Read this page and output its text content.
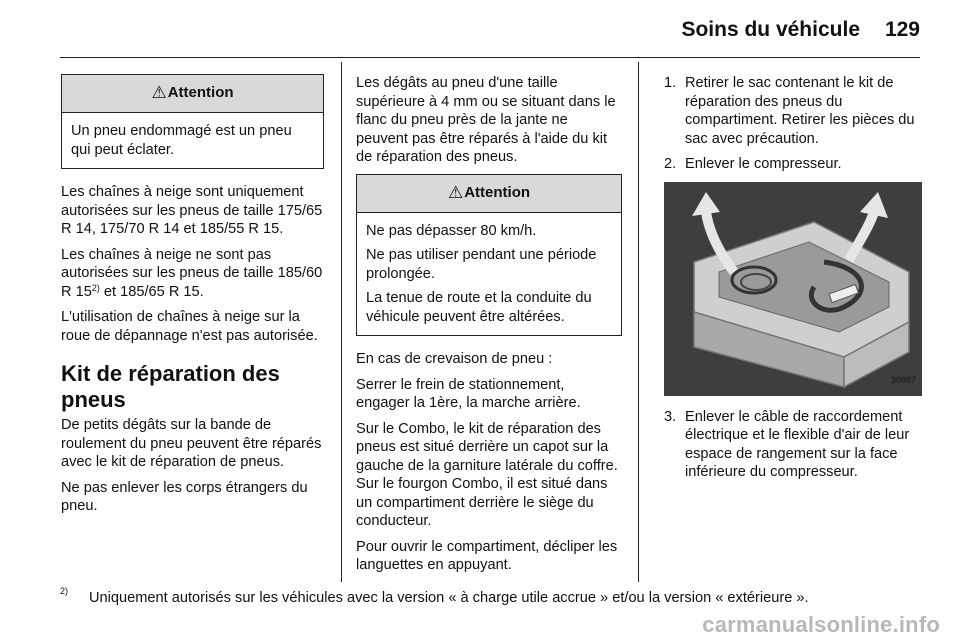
Soins du véhicule 129
⚠ Attention

Un pneu endommagé est un pneu qui peut éclater.

Les chaînes à neige sont uniquement autorisées sur les pneus de taille 175/65 R 14, 175/70 R 14 et 185/55 R 15.

Les chaînes à neige ne sont pas autorisées sur les pneus de taille 185/60 R 15$^{2)}$ et 185/65 R 15.

L'utilisation de chaînes à neige sur la roue de dépannage n'est pas autorisée.

Kit de réparation des pneus

De petits dégâts sur la bande de roulement du pneu peuvent être réparés avec le kit de réparation de pneus.

Ne pas enlever les corps étrangers du pneu.

Les dégâts au pneu d'une taille supérieure à 4 mm ou se situant dans le flanc du pneu près de la jante ne peuvent pas être réparés à l'aide du kit de réparation des pneus.

⚠ Attention

Ne pas dépasser 80 km/h.

Ne pas utiliser pendant une période prolongée.

La tenue de route et la conduite du véhicule peuvent être altérées.

En cas de crevaison de pneu :

Serrer le frein de stationnement, engager la 1ère, la marche arrière.

Sur le Combo, le kit de réparation des pneus est situé derrière un capot sur la gauche de la garniture latérale du coffre. Sur le fourgon Combo, il est situé dans un compartiment derrière le siège du conducteur.

Pour ouvrir le compartiment, décliper les languettes en appuyant.

1. Retirer le sac contenant le kit de réparation des pneus du compartiment. Retirer les pièces du sac avec précaution.
2. Enlever le compresseur.
30057
3. Enlever le câble de raccordement électrique et le flexible d'air de leur espace de rangement sur la face inférieure du compresseur.
2) Uniquement autorisés sur les véhicules avec la version « à charge utile accrue » et/ou la version « extérieure ».
carmanualsonline.info
